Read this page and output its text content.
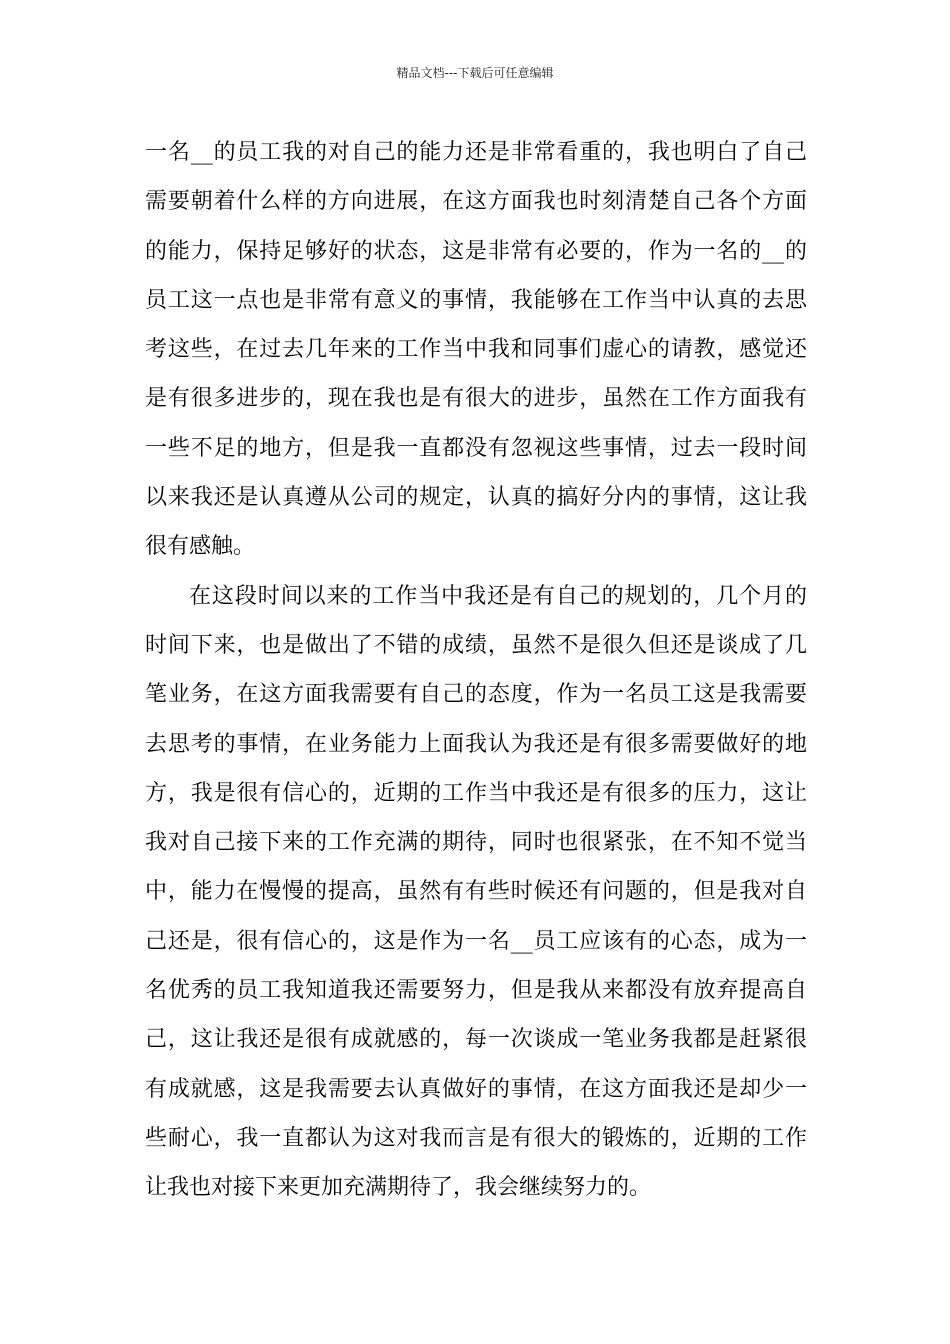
精品文档---下载后可任意编辑
一名__的员工我的对自己的能力还是非常看重的，我也明白了自己
需要朝着什么样的方向进展，在这方面我也时刻清楚自己各个方面
的能力，保持足够好的状态，这是非常有必要的，作为一名的__的
员工这一点也是非常有意义的事情，我能够在工作当中认真的去思
考这些，在过去几年来的工作当中我和同事们虚心的请教，感觉还
是有很多进步的，现在我也是有很大的进步，虽然在工作方面我有
一些不足的地方，但是我一直都没有忽视这些事情，过去一段时间
以来我还是认真遵从公司的规定，认真的搞好分内的事情，这让我
很有感触。
在这段时间以来的工作当中我还是有自己的规划的，几个月的
时间下来，也是做出了不错的成绩，虽然不是很久但还是谈成了几
笔业务，在这方面我需要有自己的态度，作为一名员工这是我需要
去思考的事情，在业务能力上面我认为我还是有很多需要做好的地
方，我是很有信心的，近期的工作当中我还是有很多的压力，这让
我对自己接下来的工作充满的期待，同时也很紧张，在不知不觉当
中，能力在慢慢的提高，虽然有有些时候还有问题的，但是我对自
己还是，很有信心的，这是作为一名__员工应该有的心态，成为一
名优秀的员工我知道我还需要努力，但是我从来都没有放弃提高自
己，这让我还是很有成就感的，每一次谈成一笔业务我都是赶紧很
有成就感，这是我需要去认真做好的事情，在这方面我还是却少一
些耐心，我一直都认为这对我而言是有很大的锻炼的，近期的工作
让我也对接下来更加充满期待了，我会继续努力的。
